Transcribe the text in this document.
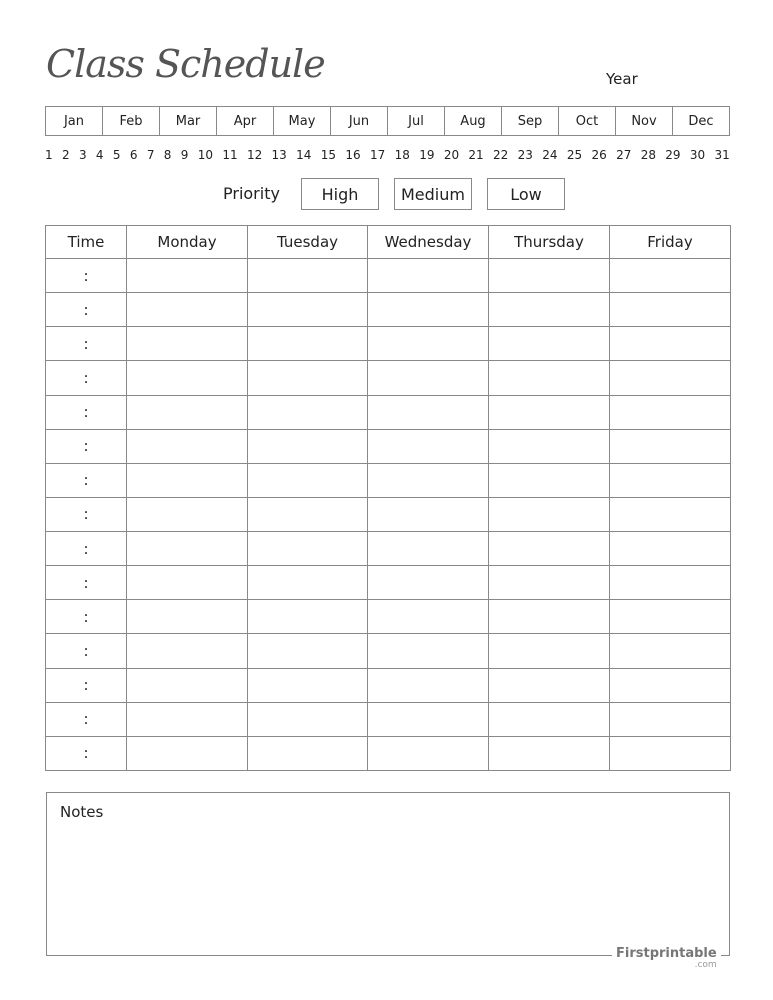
Class Schedule	Year
Jan	Feb	Mar	Apr	May	Jun	Jul	Aug	Sep	Oct	Nov	Dec
1 2 3 4 5 6 7 8 9 10 11 12 13 14 15 16 17 18 19 20 21 22 23 24 25 26 27 28 29 30 31
Priority	High	Medium	Low
Time	Monday	Tuesday	Wednesday	Thursday	Friday
:					
:					
:					
:					
:					
:					
:					
:					
:					
:					
:					
:					
:					
:					
:					
Notes
Firstprintable
.com
